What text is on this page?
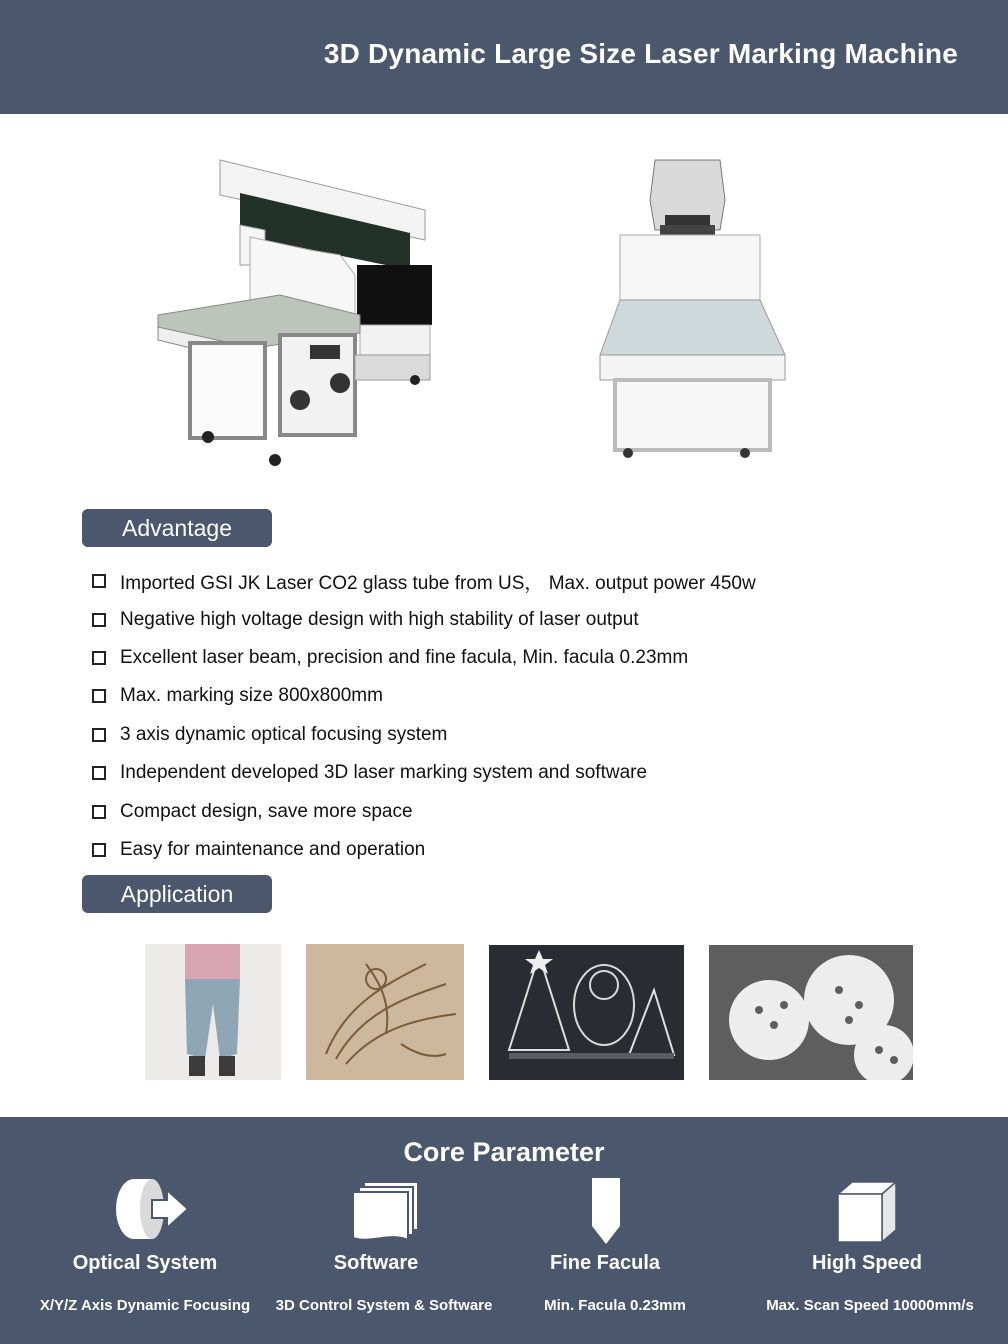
3D Dynamic Large Size Laser Marking Machine
Advantage
Imported GSI JK Laser CO2 glass tube from US， Max. output power 450w
Negative high voltage design with high stability of laser output
Excellent laser beam, precision and fine facula, Min. facula 0.23mm
Max. marking size 800x800mm
3 axis dynamic optical focusing system
Independent developed 3D laser marking system and software
Compact design, save more space
Easy for maintenance and operation
Application
Core Parameter
Optical System	Software	Fine Facula	High Speed
X/Y/Z Axis Dynamic Focusing	3D Control System & Software	Min. Facula 0.23mm	Max. Scan Speed 10000mm/s
